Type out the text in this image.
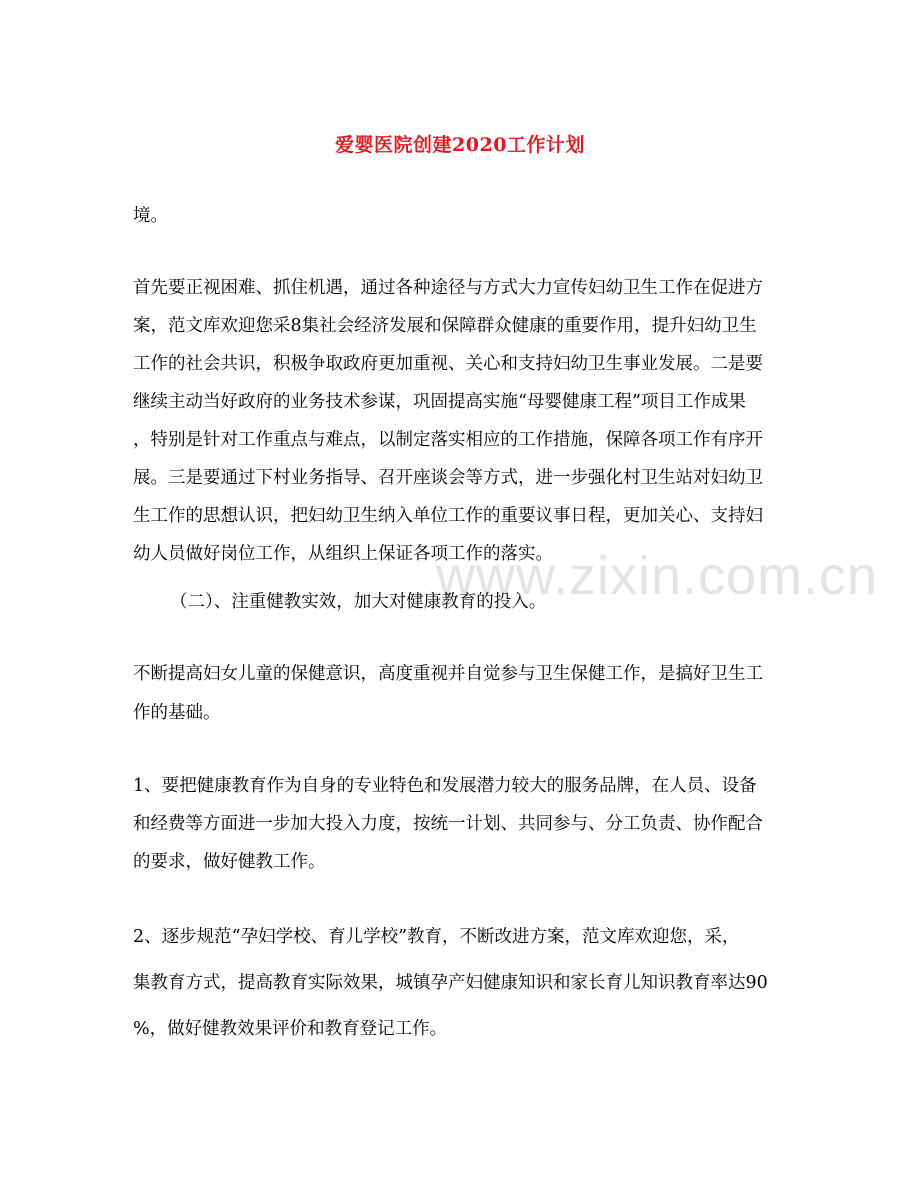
www.zixin.com.cn
爱婴医院创建2020工作计划
境。
首先要正视困难、抓住机遇，通过各种途径与方式大力宣传妇幼卫生工作在促进方
案，范文库欢迎您采8集社会经济发展和保障群众健康的重要作用，提升妇幼卫生
工作的社会共识，积极争取政府更加重视、关心和支持妇幼卫生事业发展。二是要
继续主动当好政府的业务技术参谋，巩固提高实施“母婴健康工程”项目工作成果
，特别是针对工作重点与难点，以制定落实相应的工作措施，保障各项工作有序开
展。三是要通过下村业务指导、召开座谈会等方式，进一步强化村卫生站对妇幼卫
生工作的思想认识，把妇幼卫生纳入单位工作的重要议事日程，更加关心、支持妇
幼人员做好岗位工作，从组织上保证各项工作的落实。
（二）、注重健教实效，加大对健康教育的投入。
不断提高妇女儿童的保健意识，高度重视并自觉参与卫生保健工作，是搞好卫生工
作的基础。
1、要把健康教育作为自身的专业特色和发展潜力较大的服务品牌，在人员、设备
和经费等方面进一步加大投入力度，按统一计划、共同参与、分工负责、协作配合
的要求，做好健教工作。
2、逐步规范“孕妇学校、育儿学校”教育，不断改进方案，范文库欢迎您，采，
集教育方式，提高教育实际效果，城镇孕产妇健康知识和家长育儿知识教育率达90
%，做好健教效果评价和教育登记工作。
